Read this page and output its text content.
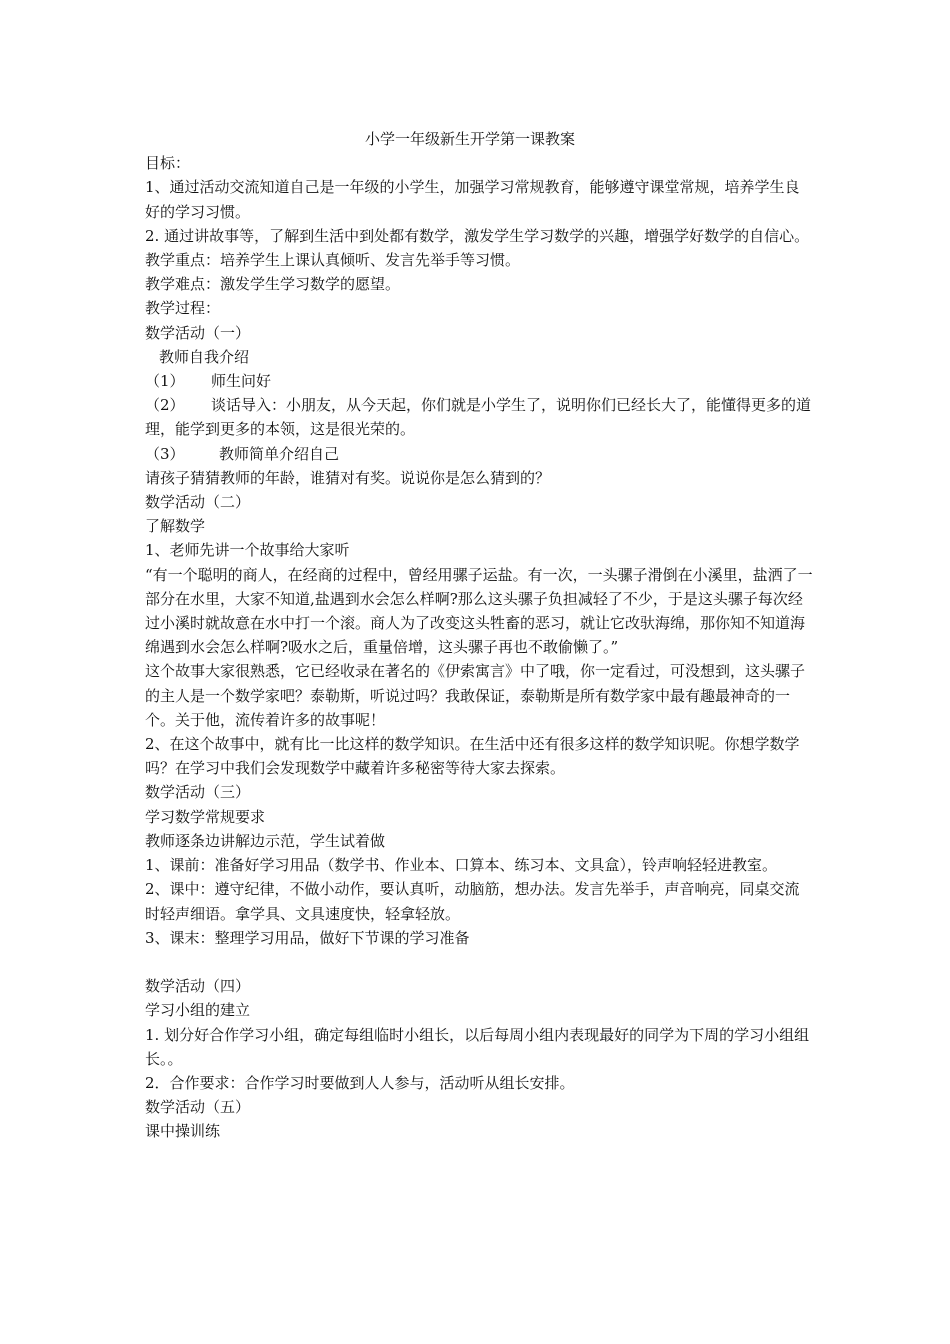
小学一年级新生开学第一课教案

目标：

1、通过活动交流知道自己是一年级的小学生，加强学习常规教育，能够遵守课堂常规，培养学生良好的学习习惯。

2. 通过讲故事等，了解到生活中到处都有数学，激发学生学习数学的兴趣，增强学好数学的自信心。

教学重点：培养学生上课认真倾听、发言先举手等习惯。

教学难点：激发学生学习数学的愿望。

教学过程：

数学活动（一）

教师自我介绍

（1）	师生问好
（2）	谈话导入：小朋友，从今天起，你们就是小学生了，说明你们已经长大了，能懂得更多的道理，能学到更多的本领，这是很光荣的。
（3）	教师简单介绍自己

请孩子猜猜教师的年龄，谁猜对有奖。说说你是怎么猜到的？

数学活动（二）

了解数学

1、老师先讲一个故事给大家听

“有一个聪明的商人，在经商的过程中，曾经用骡子运盐。有一次，一头骡子滑倒在小溪里，盐洒了一部分在水里，大家不知道,盐遇到水会怎么样啊?那么这头骡子负担减轻了不少，于是这头骡子每次经过小溪时就故意在水中打一个滚。商人为了改变这头牲畜的恶习，就让它改驮海绵，那你知不知道海绵遇到水会怎么样啊?吸水之后，重量倍增，这头骡子再也不敢偷懒了。”

这个故事大家很熟悉，它已经收录在著名的《伊索寓言》中了哦，你一定看过，可没想到，这头骡子的主人是一个数学家吧？泰勒斯，听说过吗？我敢保证，泰勒斯是所有数学家中最有趣最神奇的一个。关于他，流传着许多的故事呢！

2、在这个故事中，就有比一比这样的数学知识。在生活中还有很多这样的数学知识呢。你想学数学吗？在学习中我们会发现数学中藏着许多秘密等待大家去探索。

数学活动（三）

学习数学常规要求

教师逐条边讲解边示范，学生试着做

1、课前：准备好学习用品（数学书、作业本、口算本、练习本、文具盒），铃声响轻轻进教室。

2、课中：遵守纪律，不做小动作，要认真听，动脑筋，想办法。发言先举手，声音响亮，同桌交流时轻声细语。拿学具、文具速度快，轻拿轻放。

3、课末：整理学习用品，做好下节课的学习准备

数学活动（四）

学习小组的建立

1. 划分好合作学习小组，确定每组临时小组长，以后每周小组内表现最好的同学为下周的学习小组组长。。

2．合作要求：合作学习时要做到人人参与，活动听从组长安排。

数学活动（五）

课中操训练
